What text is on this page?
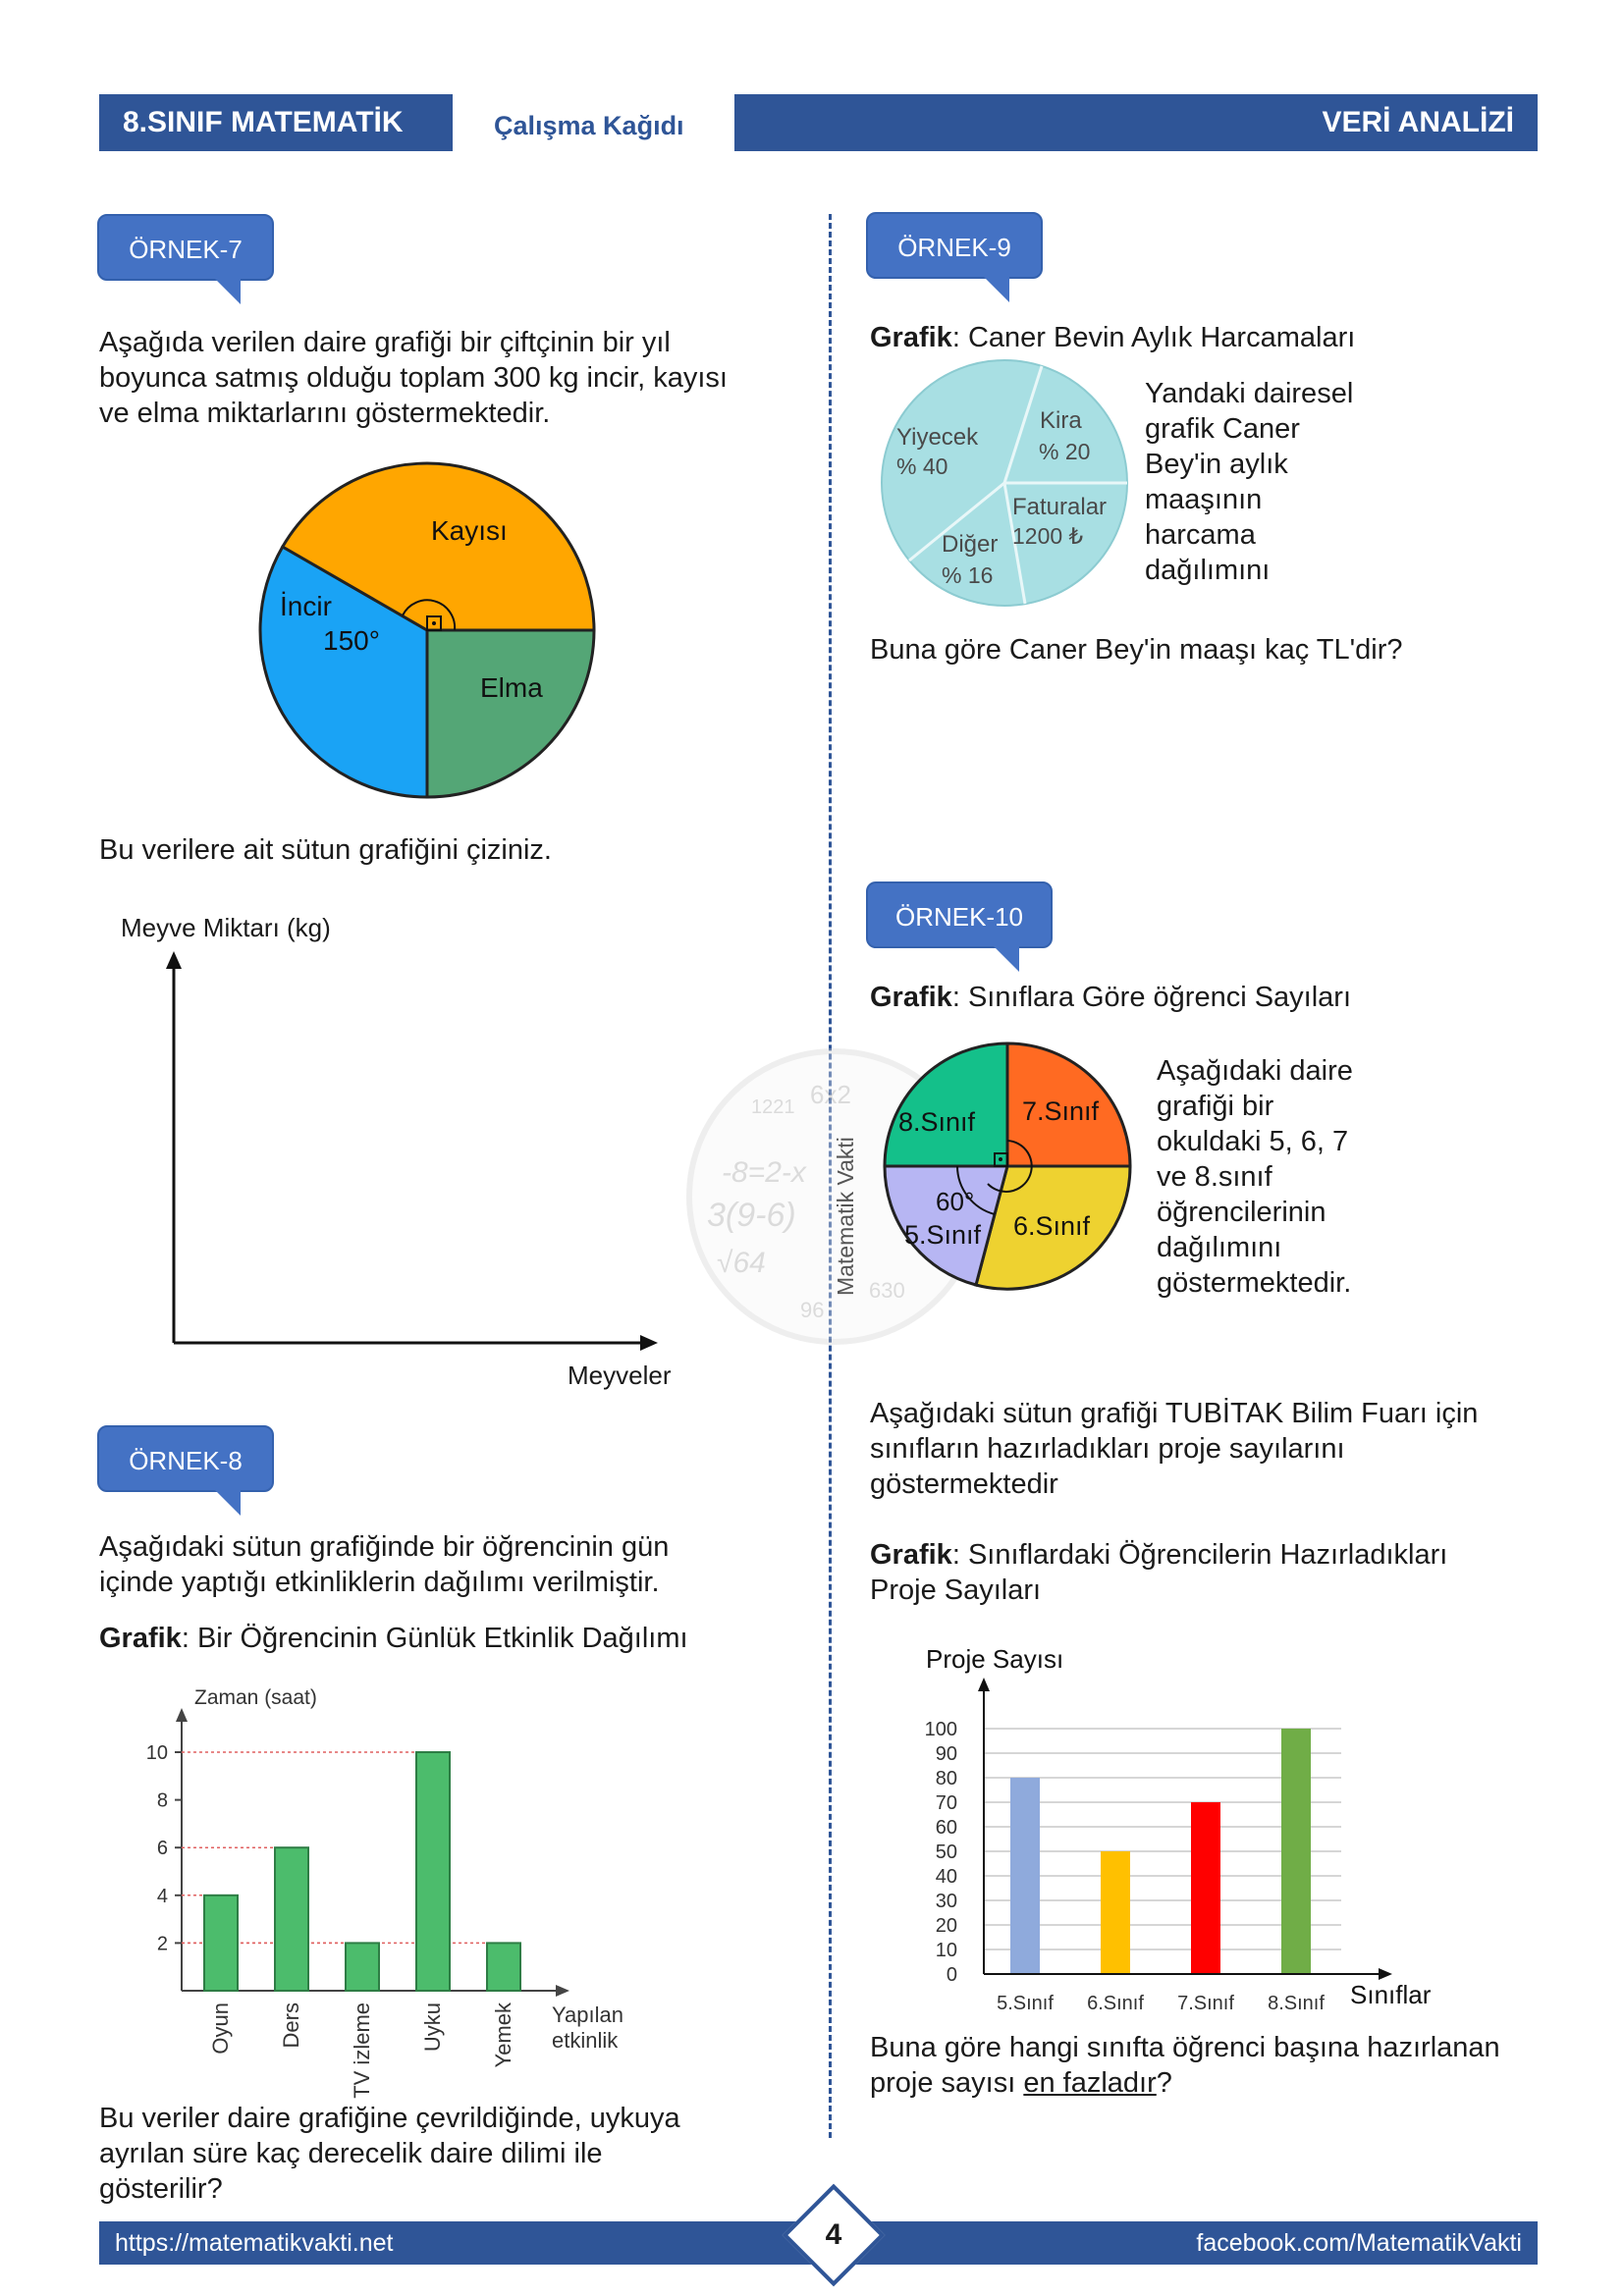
8.SINIF MATEMATİK	Çalışma Kağıdı	VERİ ANALİZİ
ÖRNEK-7
Aşağıda verilen daire grafiği bir çiftçinin bir yıl
boyunca satmış olduğu toplam 300 kg incir, kayısı
ve elma miktarlarını göstermektedir.
Kayısı
İncir
150°
Elma
Bu verilere ait sütun grafiğini çiziniz.
Meyve Miktarı (kg)
Meyveler
ÖRNEK-8
Aşağıdaki sütun grafiğinde bir öğrencinin gün
içinde yaptığı etkinliklerin dağılımı verilmiştir.
Grafik: Bir Öğrencinin Günlük Etkinlik Dağılımı
Zaman (saat)
Yapılan
etkinlik
2
4
6
8
10
Oyun Ders TV izleme Uyku Yemek
Bu veriler daire grafiğine çevrildiğinde, uykuya
ayrılan süre kaç derecelik daire dilimi ile
gösterilir?
ÖRNEK-9
Grafik: Caner Bevin Aylık Harcamaları
Yiyecek
% 40
Kira
% 20
Faturalar
1200 ₺
Diğer
% 16
Yandaki dairesel
grafik Caner
Bey'in aylık
maaşının
harcama
dağılımını
Buna göre Caner Bey'in maaşı kaç TL'dir?
-8=2-x
3(9-6)
√64
6x2
1221
630
96
Matematik Vakti
ÖRNEK-10
Grafik: Sınıflara Göre öğrenci Sayıları
7.Sınıf
8.Sınıf
6.Sınıf
5.Sınıf
60°
Aşağıdaki daire
grafiği bir
okuldaki 5, 6, 7
ve 8.sınıf
öğrencilerinin
dağılımını
göstermektedir.
Aşağıdaki sütun grafiği TUBİTAK Bilim Fuarı için
sınıfların hazırladıkları proje sayılarını
göstermektedir
Grafik: Sınıflardaki Öğrencilerin Hazırladıkları
Proje Sayıları
Proje Sayısı
Sınıflar
0
10
20
30
40
50
60
70
80
90
100
5.Sınıf 6.Sınıf 7.Sınıf 8.Sınıf
Buna göre hangi sınıfta öğrenci başına hazırlanan
proje sayısı en fazladır?
https://matematikvakti.net	facebook.com/MatematikVakti
4
